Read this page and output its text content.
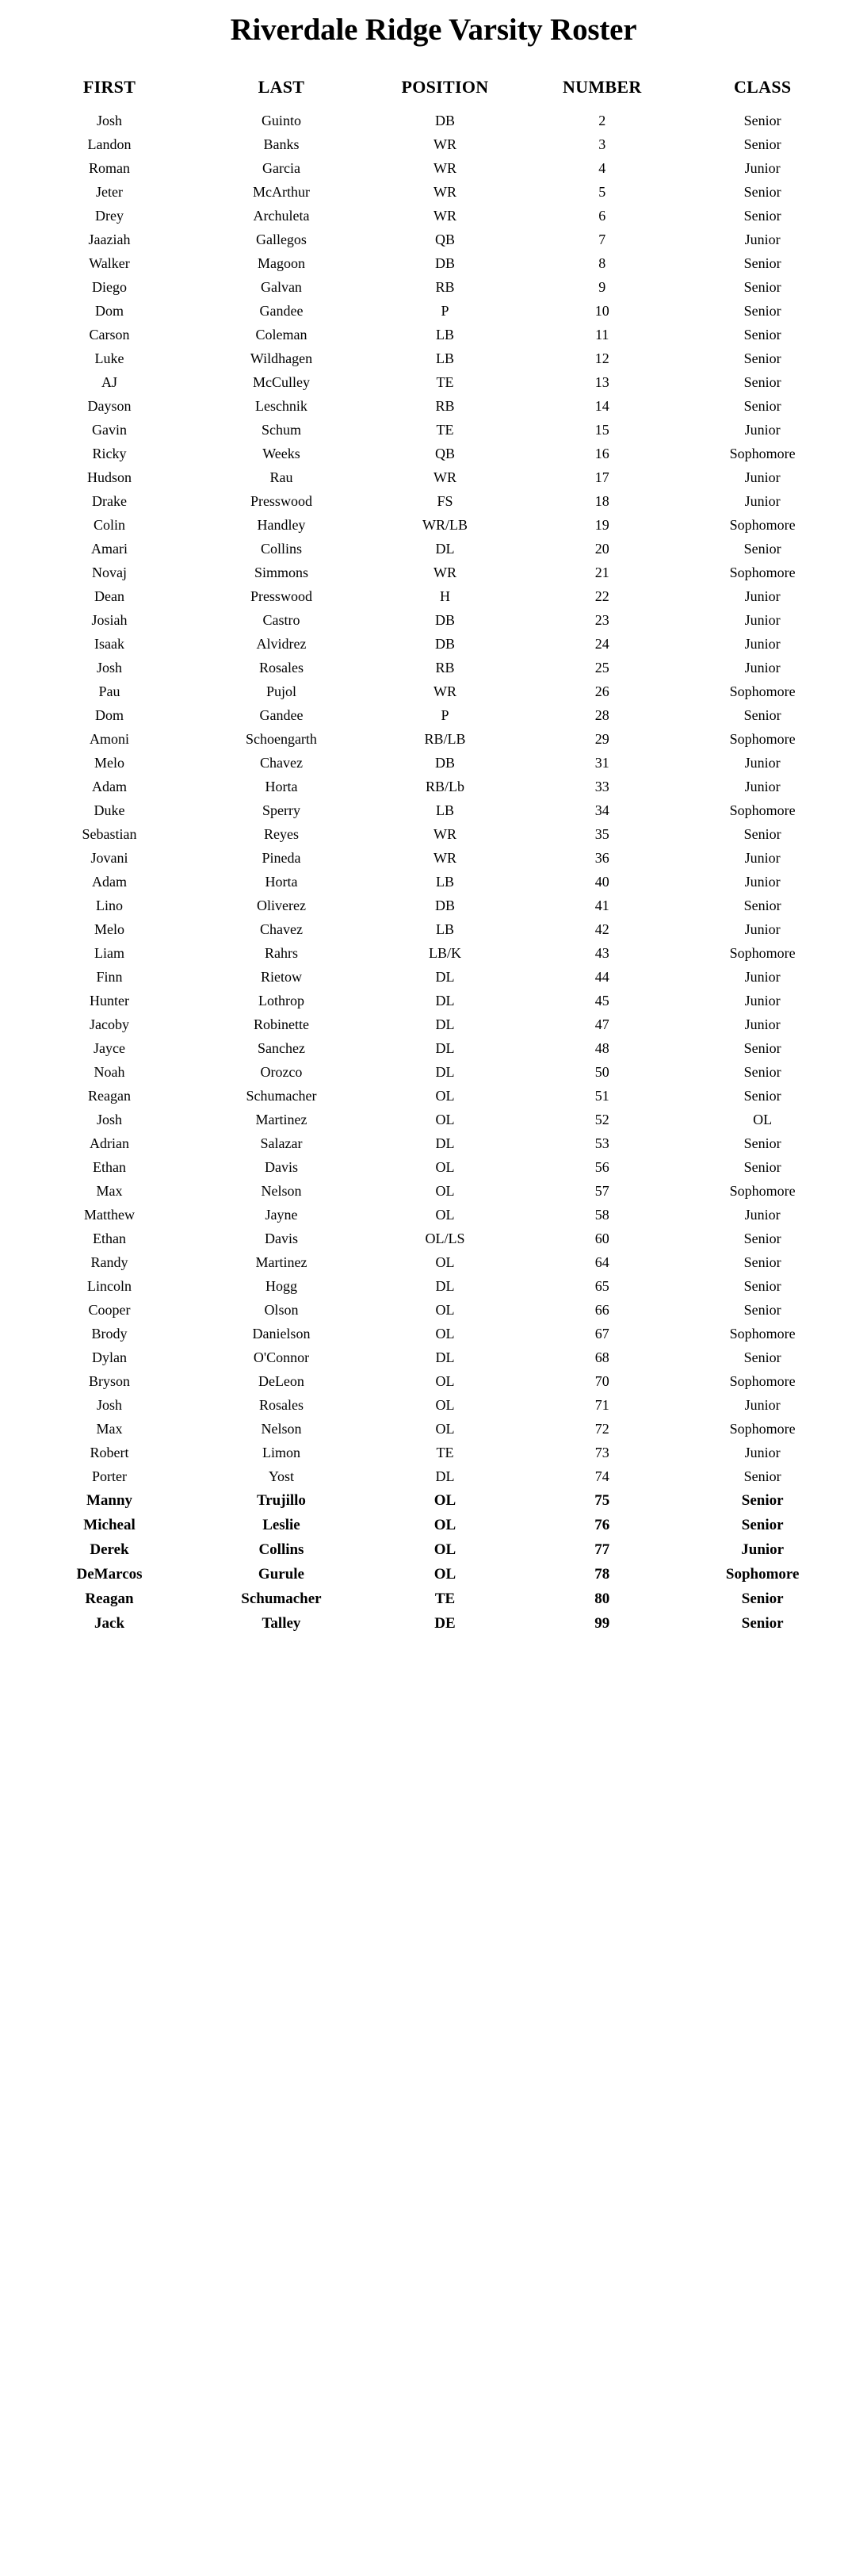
Riverdale Ridge Varsity Roster
FIRST	LAST	POSITION	NUMBER	CLASS
Josh	Guinto	DB	2	Senior
Landon	Banks	WR	3	Senior
Roman	Garcia	WR	4	Junior
Jeter	McArthur	WR	5	Senior
Drey	Archuleta	WR	6	Senior
Jaaziah	Gallegos	QB	7	Junior
Walker	Magoon	DB	8	Senior
Diego	Galvan	RB	9	Senior
Dom	Gandee	P	10	Senior
Carson	Coleman	LB	11	Senior
Luke	Wildhagen	LB	12	Senior
AJ	McCulley	TE	13	Senior
Dayson	Leschnik	RB	14	Senior
Gavin	Schum	TE	15	Junior
Ricky	Weeks	QB	16	Sophomore
Hudson	Rau	WR	17	Junior
Drake	Presswood	FS	18	Junior
Colin	Handley	WR/LB	19	Sophomore
Amari	Collins	DL	20	Senior
Novaj	Simmons	WR	21	Sophomore
Dean	Presswood	H	22	Junior
Josiah	Castro	DB	23	Junior
Isaak	Alvidrez	DB	24	Junior
Josh	Rosales	RB	25	Junior
Pau	Pujol	WR	26	Sophomore
Dom	Gandee	P	28	Senior
Amoni	Schoengarth	RB/LB	29	Sophomore
Melo	Chavez	DB	31	Junior
Adam	Horta	RB/Lb	33	Junior
Duke	Sperry	LB	34	Sophomore
Sebastian	Reyes	WR	35	Senior
Jovani	Pineda	WR	36	Junior
Adam	Horta	LB	40	Junior
Lino	Oliverez	DB	41	Senior
Melo	Chavez	LB	42	Junior
Liam	Rahrs	LB/K	43	Sophomore
Finn	Rietow	DL	44	Junior
Hunter	Lothrop	DL	45	Junior
Jacoby	Robinette	DL	47	Junior
Jayce	Sanchez	DL	48	Senior
Noah	Orozco	DL	50	Senior
Reagan	Schumacher	OL	51	Senior
Josh	Martinez	OL	52	OL
Adrian	Salazar	DL	53	Senior
Ethan	Davis	OL	56	Senior
Max	Nelson	OL	57	Sophomore
Matthew	Jayne	OL	58	Junior
Ethan	Davis	OL/LS	60	Senior
Randy	Martinez	OL	64	Senior
Lincoln	Hogg	DL	65	Senior
Cooper	Olson	OL	66	Senior
Brody	Danielson	OL	67	Sophomore
Dylan	O'Connor	DL	68	Senior
Bryson	DeLeon	OL	70	Sophomore
Josh	Rosales	OL	71	Junior
Max	Nelson	OL	72	Sophomore
Robert	Limon	TE	73	Junior
Porter	Yost	DL	74	Senior
Manny	Trujillo	OL	75	Senior
Micheal	Leslie	OL	76	Senior
Derek	Collins	OL	77	Junior
DeMarcos	Gurule	OL	78	Sophomore
Reagan	Schumacher	TE	80	Senior
Jack	Talley	DE	99	Senior
